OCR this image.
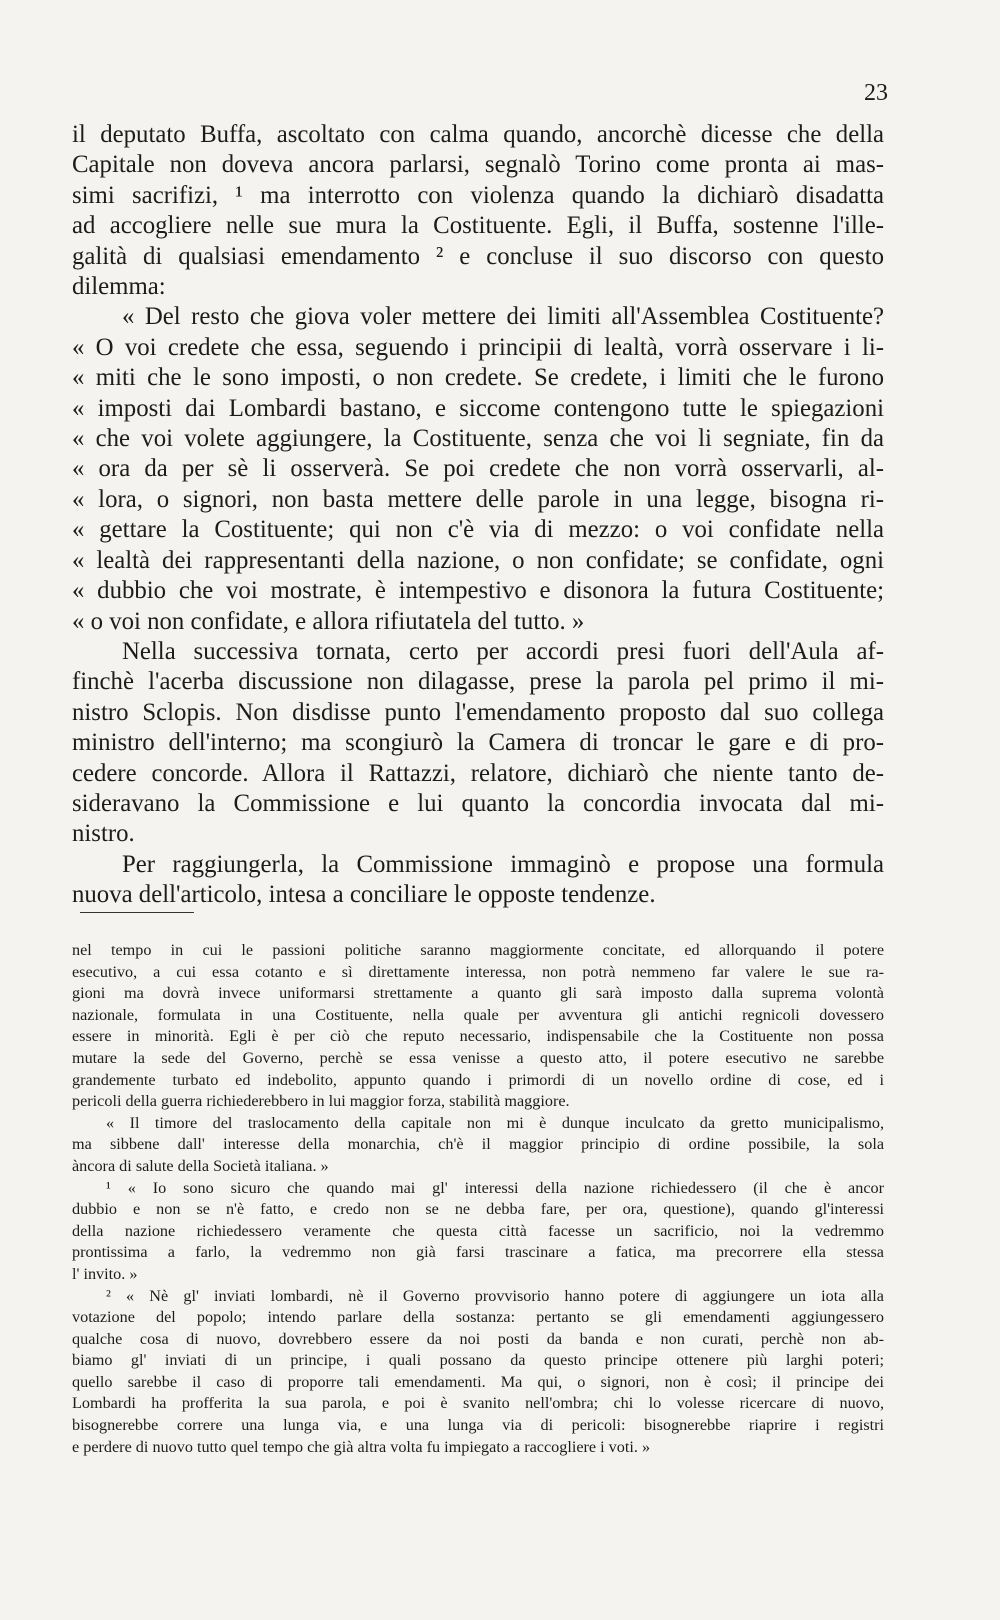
23
il deputato Buffa, ascoltato con calma quando, ancorchè dicesse che della
Capitale non doveva ancora parlarsi, segnalò Torino come pronta ai mas-
simi sacrifizi, ¹ ma interrotto con violenza quando la dichiarò disadatta
ad accogliere nelle sue mura la Costituente. Egli, il Buffa, sostenne l'ille-
galità di qualsiasi emendamento ² e concluse il suo discorso con questo
dilemma:
« Del resto che giova voler mettere dei limiti all'Assemblea Costituente?
« O voi credete che essa, seguendo i principii di lealtà, vorrà osservare i li-
« miti che le sono imposti, o non credete. Se credete, i limiti che le furono
« imposti dai Lombardi bastano, e siccome contengono tutte le spiegazioni
« che voi volete aggiungere, la Costituente, senza che voi li segniate, fin da
« ora da per sè li osserverà. Se poi credete che non vorrà osservarli, al-
« lora, o signori, non basta mettere delle parole in una legge, bisogna ri-
« gettare la Costituente; qui non c'è via di mezzo: o voi confidate nella
« lealtà dei rappresentanti della nazione, o non confidate; se confidate, ogni
« dubbio che voi mostrate, è intempestivo e disonora la futura Costituente;
« o voi non confidate, e allora rifiutatela del tutto. »
Nella successiva tornata, certo per accordi presi fuori dell'Aula af-
finchè l'acerba discussione non dilagasse, prese la parola pel primo il mi-
nistro Sclopis. Non disdisse punto l'emendamento proposto dal suo collega
ministro dell'interno; ma scongiurò la Camera di troncar le gare e di pro-
cedere concorde. Allora il Rattazzi, relatore, dichiarò che niente tanto de-
sideravano la Commissione e lui quanto la concordia invocata dal mi-
nistro.
Per raggiungerla, la Commissione immaginò e propose una formula
nuova dell'articolo, intesa a conciliare le opposte tendenze.
nel tempo in cui le passioni politiche saranno maggiormente concitate, ed allorquando il potere
esecutivo, a cui essa cotanto e sì direttamente interessa, non potrà nemmeno far valere le sue ra-
gioni ma dovrà invece uniformarsi strettamente a quanto gli sarà imposto dalla suprema volontà
nazionale, formulata in una Costituente, nella quale per avventura gli antichi regnicoli dovessero
essere in minorità. Egli è per ciò che reputo necessario, indispensabile che la Costituente non possa
mutare la sede del Governo, perchè se essa venisse a questo atto, il potere esecutivo ne sarebbe
grandemente turbato ed indebolito, appunto quando i primordi di un novello ordine di cose, ed i
pericoli della guerra richiederebbero in lui maggior forza, stabilità maggiore.
« Il timore del traslocamento della capitale non mi è dunque inculcato da gretto municipalismo,
ma sibbene dall' interesse della monarchia, ch'è il maggior principio di ordine possibile, la sola
àncora di salute della Società italiana. »
¹ « Io sono sicuro che quando mai gl' interessi della nazione richiedessero (il che è ancor
dubbio e non se n'è fatto, e credo non se ne debba fare, per ora, questione), quando gl'interessi
della nazione richiedessero veramente che questa città facesse un sacrificio, noi la vedremmo
prontissima a farlo, la vedremmo non già farsi trascinare a fatica, ma precorrere ella stessa
l' invito. »
² « Nè gl' inviati lombardi, nè il Governo provvisorio hanno potere di aggiungere un iota alla
votazione del popolo; intendo parlare della sostanza: pertanto se gli emendamenti aggiungessero
qualche cosa di nuovo, dovrebbero essere da noi posti da banda e non curati, perchè non ab-
biamo gl' inviati di un principe, i quali possano da questo principe ottenere più larghi poteri;
quello sarebbe il caso di proporre tali emendamenti. Ma qui, o signori, non è così; il principe dei
Lombardi ha profferita la sua parola, e poi è svanito nell'ombra; chi lo volesse ricercare di nuovo,
bisognerebbe correre una lunga via, e una lunga via di pericoli: bisognerebbe riaprire i registri
e perdere di nuovo tutto quel tempo che già altra volta fu impiegato a raccogliere i voti. »
